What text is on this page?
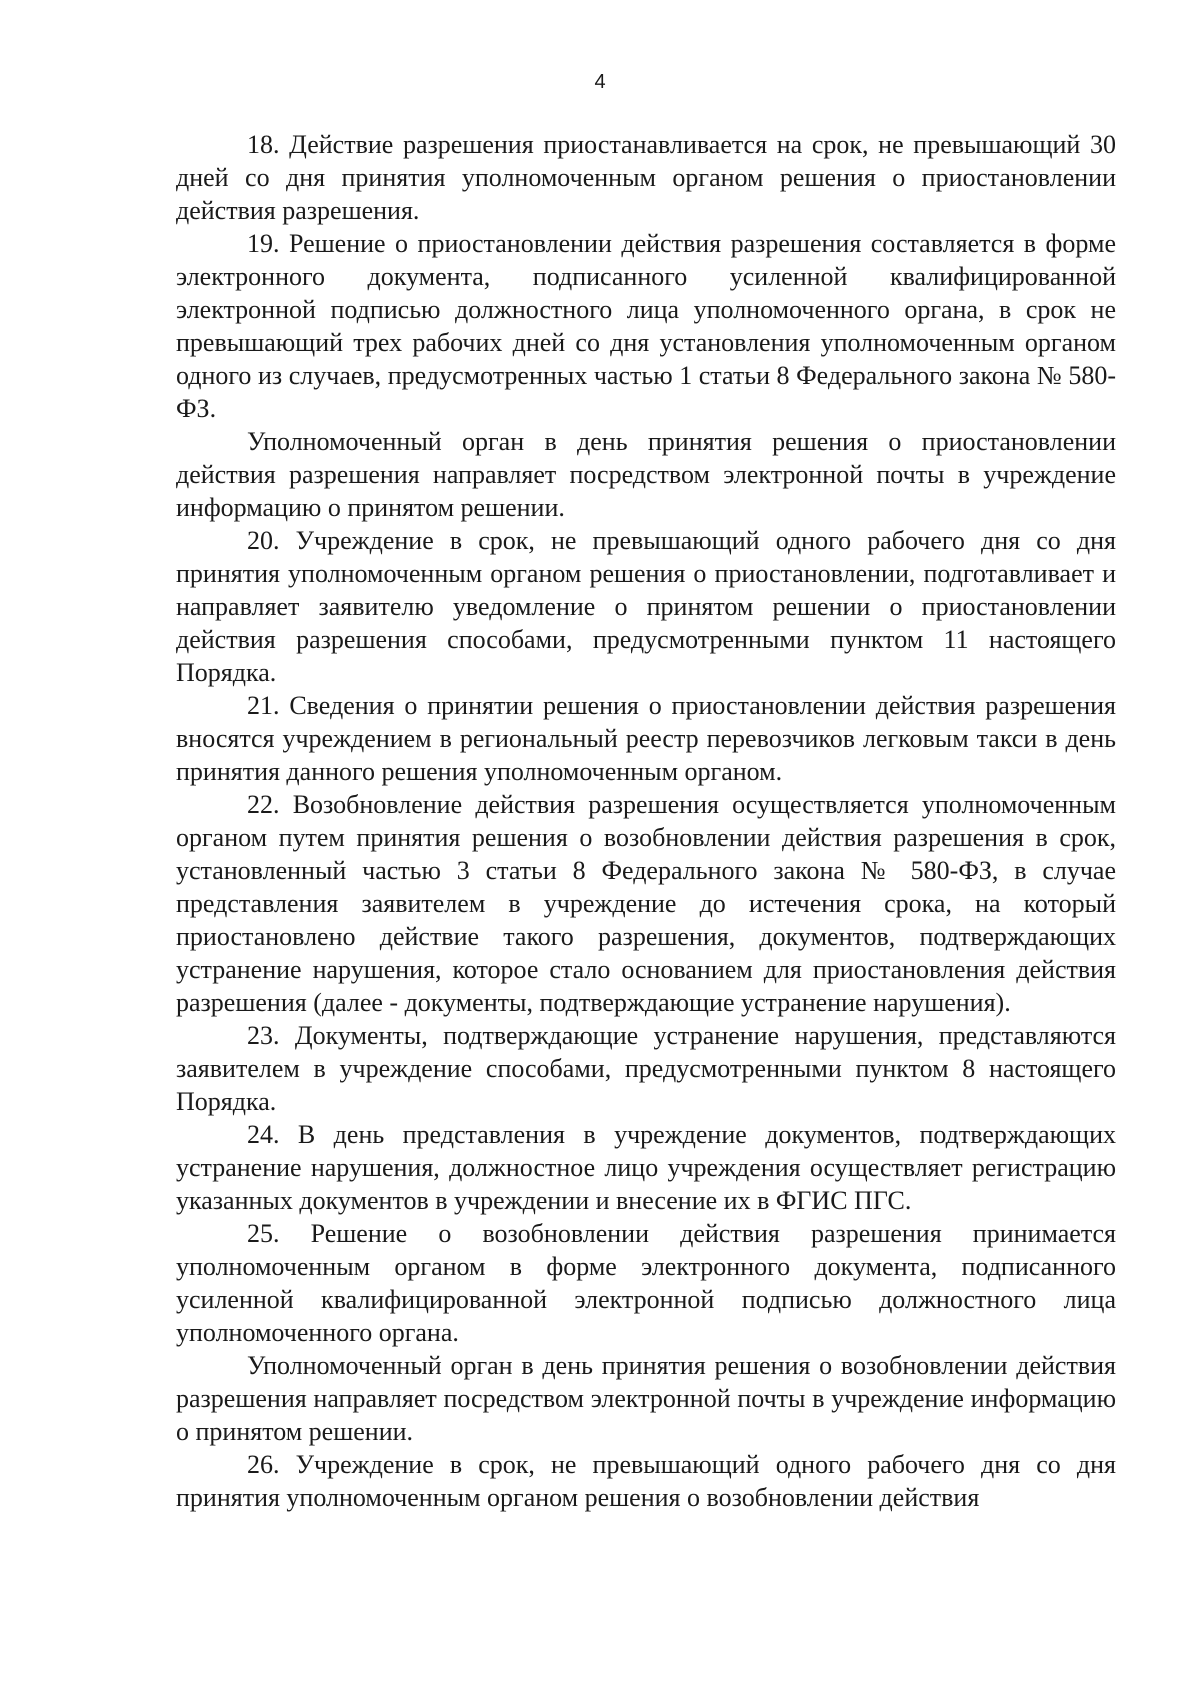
4

18. Действие разрешения приостанавливается на срок, не превышающий 30 дней со дня принятия уполномоченным органом решения о приостановлении действия разрешения.

19. Решение о приостановлении действия разрешения составляется в форме электронного документа, подписанного усиленной квалифицированной электронной подписью должностного лица уполномоченного органа, в срок не превышающий трех рабочих дней со дня установления уполномоченным органом одного из случаев, предусмотренных частью 1 статьи 8 Федерального закона № 580-ФЗ.

Уполномоченный орган в день принятия решения о приостановлении действия разрешения направляет посредством электронной почты в учреждение информацию о принятом решении.

20. Учреждение в срок, не превышающий одного рабочего дня со дня принятия уполномоченным органом решения о приостановлении, подготавливает и направляет заявителю уведомление о принятом решении о приостановлении действия разрешения способами, предусмотренными пунктом 11 настоящего Порядка.

21. Сведения о принятии решения о приостановлении действия разрешения вносятся учреждением в региональный реестр перевозчиков легковым такси в день принятия данного решения уполномоченным органом.

22. Возобновление действия разрешения осуществляется уполномоченным органом путем принятия решения о возобновлении действия разрешения в срок, установленный частью 3 статьи 8 Федерального закона № 580-ФЗ, в случае представления заявителем в учреждение до истечения срока, на который приостановлено действие такого разрешения, документов, подтверждающих устранение нарушения, которое стало основанием для приостановления действия разрешения (далее - документы, подтверждающие устранение нарушения).

23. Документы, подтверждающие устранение нарушения, представляются заявителем в учреждение способами, предусмотренными пунктом 8 настоящего Порядка.

24. В день представления в учреждение документов, подтверждающих устранение нарушения, должностное лицо учреждения осуществляет регистрацию указанных документов в учреждении и внесение их в ФГИС ПГС.

25. Решение о возобновлении действия разрешения принимается уполномоченным органом в форме электронного документа, подписанного усиленной квалифицированной электронной подписью должностного лица уполномоченного органа.

Уполномоченный орган в день принятия решения о возобновлении действия разрешения направляет посредством электронной почты в учреждение информацию о принятом решении.

26. Учреждение в срок, не превышающий одного рабочего дня со дня принятия уполномоченным органом решения о возобновлении действия
